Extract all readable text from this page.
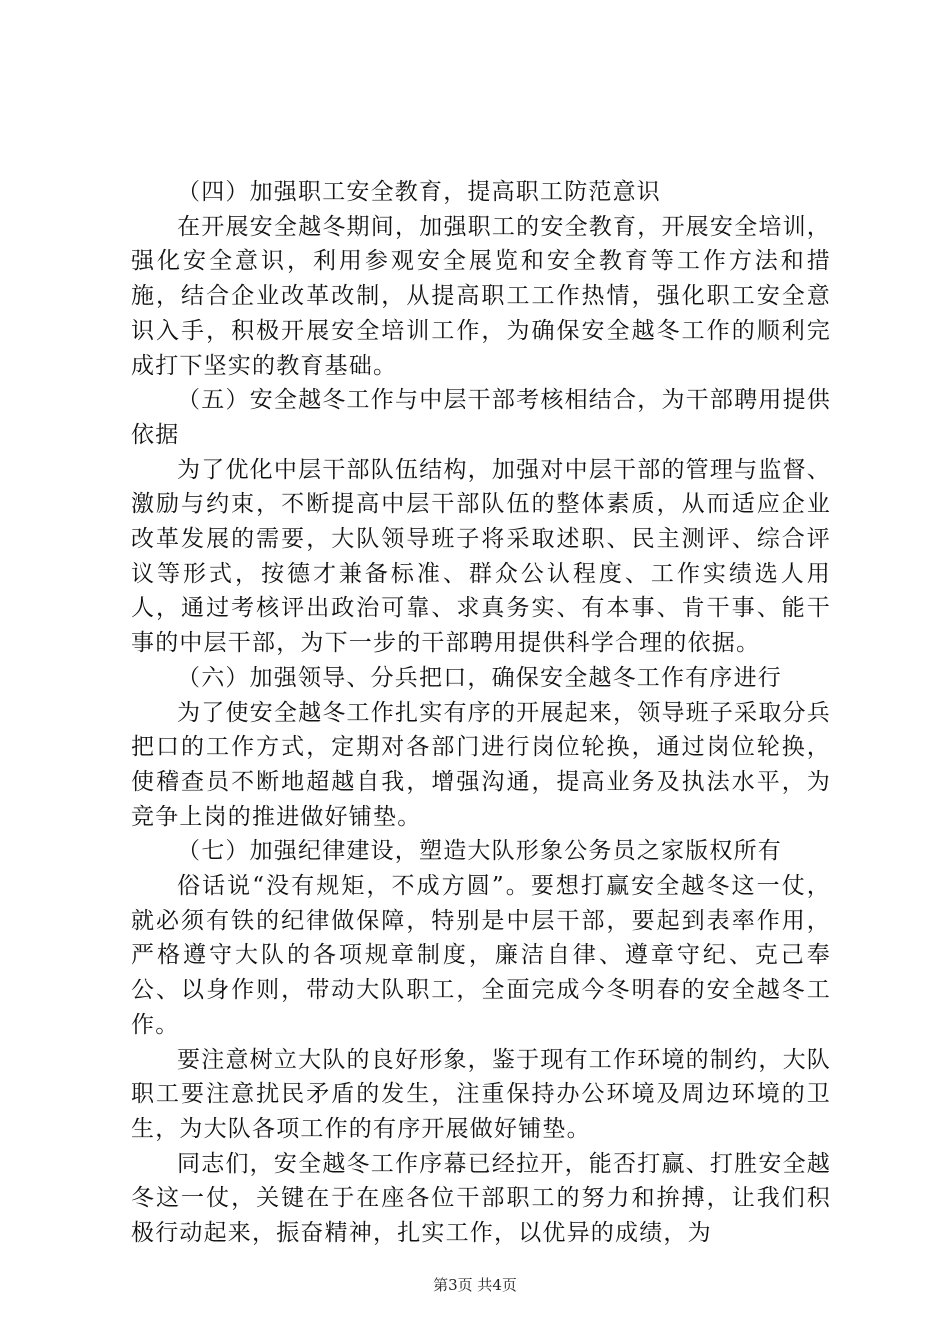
（四）加强职工安全教育，提高职工防范意识

在开展安全越冬期间，加强职工的安全教育，开展安全培训，强化安全意识，利用参观安全展览和安全教育等工作方法和措施，结合企业改革改制，从提高职工工作热情，强化职工安全意识入手，积极开展安全培训工作，为确保安全越冬工作的顺利完成打下坚实的教育基础。

（五）安全越冬工作与中层干部考核相结合，为干部聘用提供依据

为了优化中层干部队伍结构，加强对中层干部的管理与监督、激励与约束，不断提高中层干部队伍的整体素质，从而适应企业改革发展的需要，大队领导班子将采取述职、民主测评、综合评议等形式，按德才兼备标准、群众公认程度、工作实绩选人用人，通过考核评出政治可靠、求真务实、有本事、肯干事、能干事的中层干部，为下一步的干部聘用提供科学合理的依据。

（六）加强领导、分兵把口，确保安全越冬工作有序进行

为了使安全越冬工作扎实有序的开展起来，领导班子采取分兵把口的工作方式，定期对各部门进行岗位轮换，通过岗位轮换，使稽查员不断地超越自我，增强沟通，提高业务及执法水平，为竞争上岗的推进做好铺垫。

（七）加强纪律建设，塑造大队形象公务员之家版权所有

俗话说“没有规矩，不成方圆”。要想打赢安全越冬这一仗，就必须有铁的纪律做保障，特别是中层干部，要起到表率作用，严格遵守大队的各项规章制度，廉洁自律、遵章守纪、克己奉公、以身作则，带动大队职工，全面完成今冬明春的安全越冬工作。

要注意树立大队的良好形象，鉴于现有工作环境的制约，大队职工要注意扰民矛盾的发生，注重保持办公环境及周边环境的卫生，为大队各项工作的有序开展做好铺垫。

同志们，安全越冬工作序幕已经拉开，能否打赢、打胜安全越冬这一仗，关键在于在座各位干部职工的努力和拚搏，让我们积极行动起来，振奋精神，扎实工作，以优异的成绩，为

第3页 共4页
